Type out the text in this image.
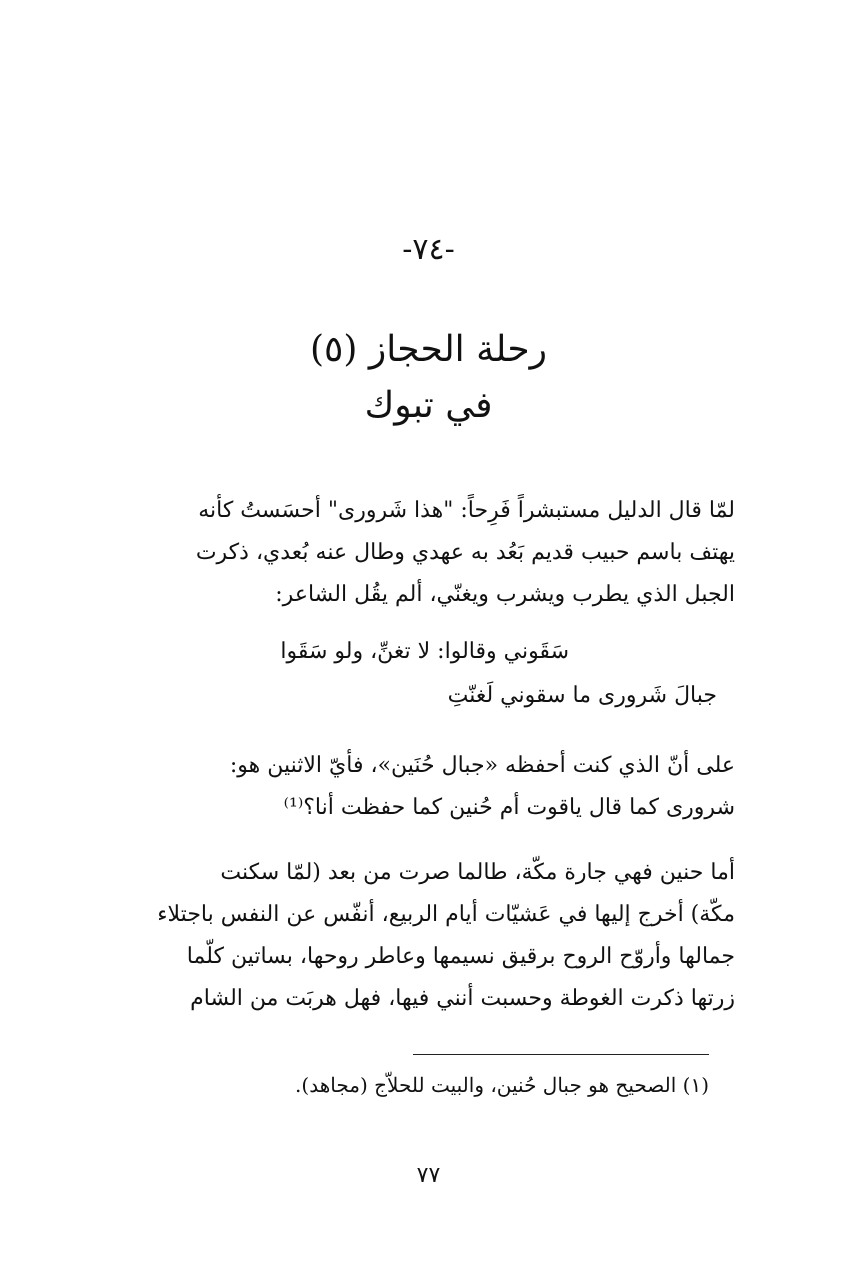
-٧٤-
رحلة الحجاز (٥)
في تبوك
لمّا قال الدليل مستبشراً فَرِحاً: "هذا شَروری" أحسَستُ كأنه
يهتف باسم حبيب قديم بَعُد به عهدي وطال عنه بُعدي، ذكرت
الجبل الذي يطرب ويشرب ويغنّي، ألم يقُل الشاعر:
سَقَوني وقالوا: لا تغنِّ، ولو سَقَوا
جبالَ شَروری ما سقوني لَغنّتِ
على أنّ الذي كنت أحفظه «جبال حُنَين»، فأيّ الاثنين هو:
شروری كما قال ياقوت أم حُنين كما حفظت أنا؟⁽¹⁾
أما حنين فهي جارة مكّة، طالما صرت من بعد (لمّا سكنت
مكّة) أخرج إليها في عَشيّات أيام الربيع، أنفّس عن النفس باجتلاء
جمالها وأروّح الروح برقيق نسيمها وعاطر روحها، بساتين كلّما
زرتها ذكرت الغوطة وحسبت أنني فيها، فهل هربَت من الشام
(١) الصحيح هو جبال حُنين، والبيت للحلاّج (مجاهد).
٧٧
